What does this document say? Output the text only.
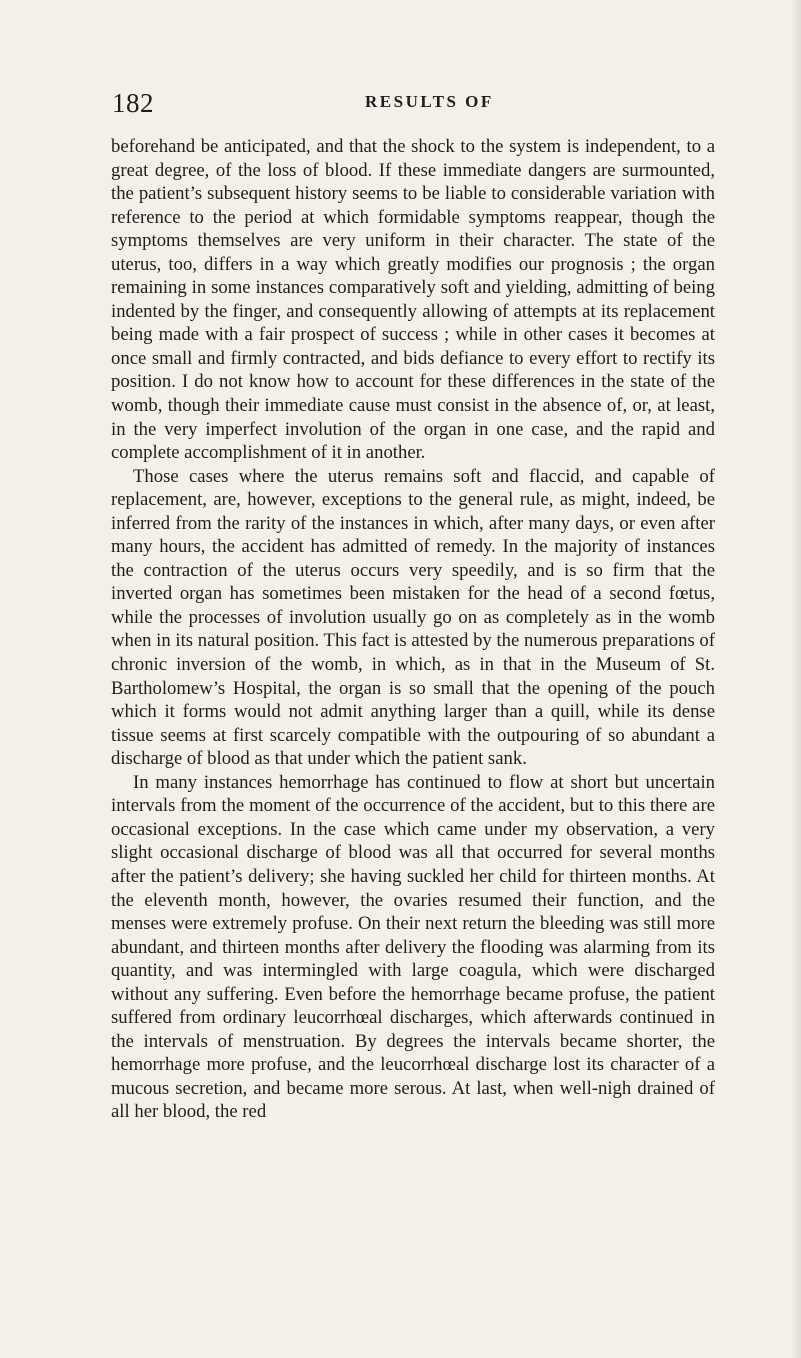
182	RESULTS OF

beforehand be anticipated, and that the shock to the system is independent, to a great degree, of the loss of blood. If these immediate dangers are surmounted, the patient’s subsequent history seems to be liable to considerable variation with reference to the period at which formidable symptoms reappear, though the symptoms themselves are very uniform in their character. The state of the uterus, too, differs in a way which greatly modifies our prognosis ; the organ remaining in some instances comparatively soft and yielding, admitting of being indented by the finger, and consequently allowing of attempts at its replacement being made with a fair prospect of success ; while in other cases it becomes at once small and firmly contracted, and bids defiance to every effort to rectify its position. I do not know how to account for these differences in the state of the womb, though their immediate cause must consist in the absence of, or, at least, in the very imperfect involution of the organ in one case, and the rapid and complete accomplishment of it in another.

Those cases where the uterus remains soft and flaccid, and capable of replacement, are, however, exceptions to the general rule, as might, indeed, be inferred from the rarity of the instances in which, after many days, or even after many hours, the accident has admitted of remedy. In the majority of instances the contraction of the uterus occurs very speedily, and is so firm that the inverted organ has sometimes been mistaken for the head of a second fœtus, while the processes of involution usually go on as completely as in the womb when in its natural position. This fact is attested by the numerous preparations of chronic inversion of the womb, in which, as in that in the Museum of St. Bartholomew’s Hospital, the organ is so small that the opening of the pouch which it forms would not admit anything larger than a quill, while its dense tissue seems at first scarcely compatible with the outpouring of so abundant a discharge of blood as that under which the patient sank.

In many instances hemorrhage has continued to flow at short but uncertain intervals from the moment of the occurrence of the accident, but to this there are occasional exceptions. In the case which came under my observation, a very slight occasional discharge of blood was all that occurred for several months after the patient’s delivery; she having suckled her child for thirteen months. At the eleventh month, however, the ovaries resumed their function, and the menses were extremely profuse. On their next return the bleeding was still more abundant, and thirteen months after delivery the flooding was alarming from its quantity, and was intermingled with large coagula, which were discharged without any suffering. Even before the hemorrhage became profuse, the patient suffered from ordinary leucorrhœal discharges, which afterwards continued in the intervals of menstruation. By degrees the intervals became shorter, the hemorrhage more profuse, and the leucorrhœal discharge lost its character of a mucous secretion, and became more serous. At last, when well-nigh drained of all her blood, the red
